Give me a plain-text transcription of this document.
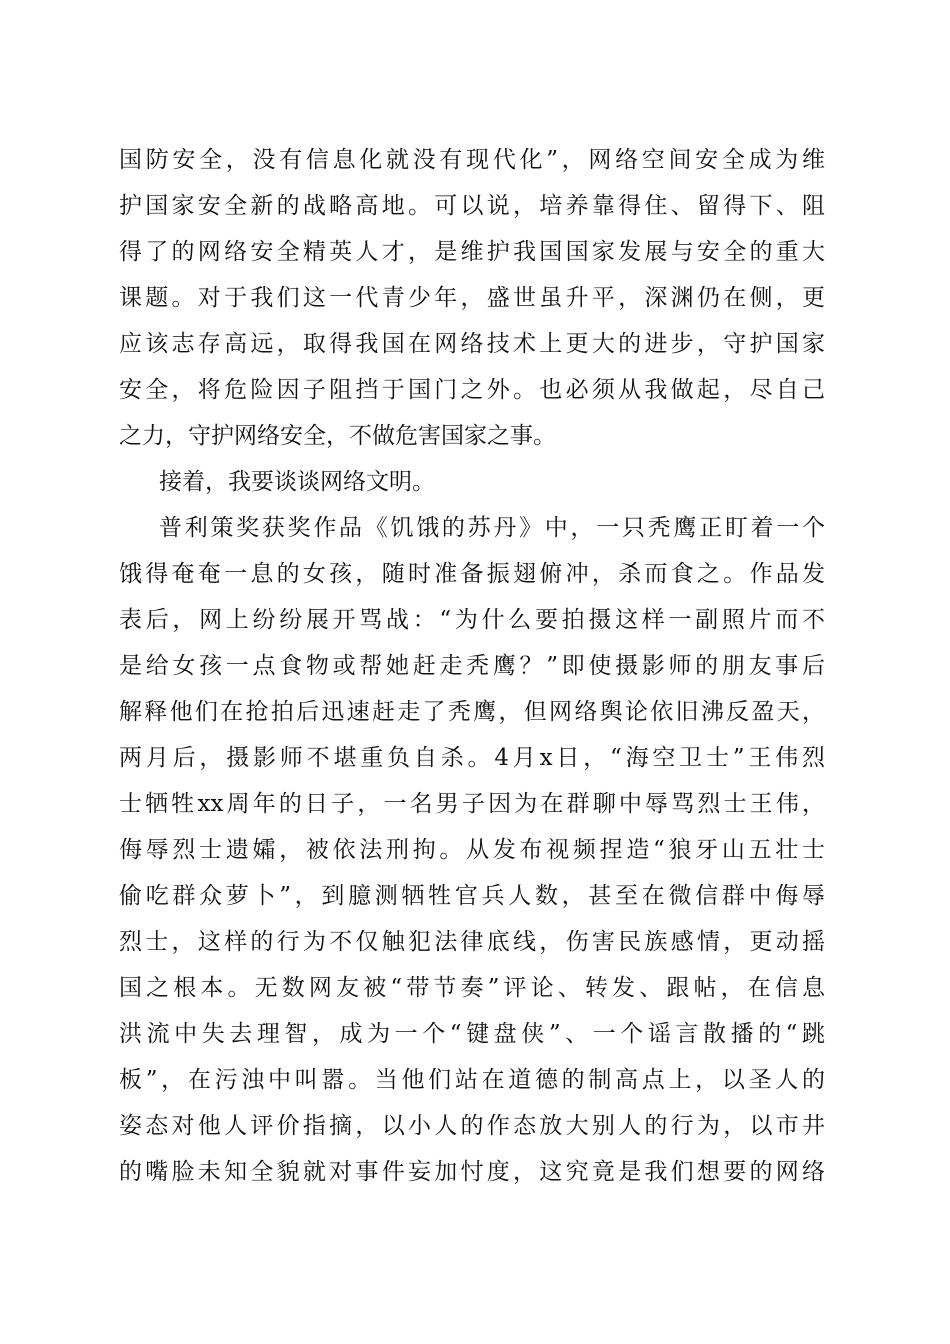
国防安全，没有信息化就没有现代化”，网络空间安全成为维
护国家安全新的战略高地。可以说，培养靠得住、留得下、阻
得了的网络安全精英人才，是维护我国国家发展与安全的重大
课题。对于我们这一代青少年，盛世虽升平，深渊仍在侧，更
应该志存高远，取得我国在网络技术上更大的进步，守护国家
安全，将危险因子阻挡于国门之外。也必须从我做起，尽自己
之力，守护网络安全，不做危害国家之事。
接着，我要谈谈网络文明。
普利策奖获奖作品《饥饿的苏丹》中，一只秃鹰正盯着一个
饿得奄奄一息的女孩，随时准备振翅俯冲，杀而食之。作品发
表后，网上纷纷展开骂战：“为什么要拍摄这样一副照片而不
是给女孩一点食物或帮她赶走秃鹰？”即使摄影师的朋友事后
解释他们在抢拍后迅速赶走了秃鹰，但网络舆论依旧沸反盈天，
两月后，摄影师不堪重负自杀。4月x日，“海空卫士”王伟烈
士牺牲xx周年的日子，一名男子因为在群聊中辱骂烈士王伟，
侮辱烈士遗孀，被依法刑拘。从发布视频捏造“狼牙山五壮士
偷吃群众萝卜”，到臆测牺牲官兵人数，甚至在微信群中侮辱
烈士，这样的行为不仅触犯法律底线，伤害民族感情，更动摇
国之根本。无数网友被“带节奏”评论、转发、跟帖，在信息
洪流中失去理智，成为一个“键盘侠”、一个谣言散播的“跳
板”，在污浊中叫嚣。当他们站在道德的制高点上，以圣人的
姿态对他人评价指摘，以小人的作态放大别人的行为，以市井
的嘴脸未知全貌就对事件妄加忖度，这究竟是我们想要的网络
